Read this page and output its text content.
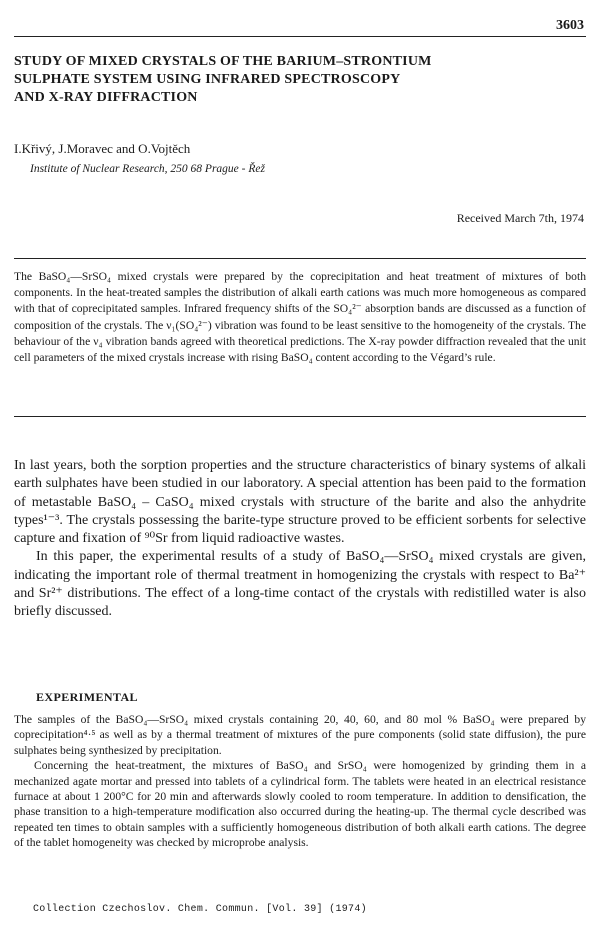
3603
STUDY OF MIXED CRYSTALS OF THE BARIUM–STRONTIUM
SULPHATE SYSTEM USING INFRARED SPECTROSCOPY
AND X-RAY DIFFRACTION
I.Křivý, J.Moravec and O.Vojtěch
Institute of Nuclear Research, 250 68 Prague - Řež
Received March 7th, 1974

The BaSO₄—SrSO₄ mixed crystals were prepared by the coprecipitation and heat treatment of mixtures of both components. In the heat-treated samples the distribution of alkali earth cations was much more homogeneous as compared with that of coprecipitated samples. Infrared frequency shifts of the SO₄²⁻ absorption bands are discussed as a function of composition of the crystals. The ν₁(SO₄²⁻) vibration was found to be least sensitive to the homogeneity of the crystals. The behaviour of the ν₄ vibration bands agreed with theoretical predictions. The X-ray powder diffraction revealed that the unit cell parameters of the mixed crystals increase with rising BaSO₄ content according to the Végard’s rule.

In last years, both the sorption properties and the structure characteristics of binary systems of alkali earth sulphates have been studied in our laboratory. A special attention has been paid to the formation of metastable BaSO₄ – CaSO₄ mixed crystals with structure of the barite and also the anhydrite types¹⁻³. The crystals possessing the barite-type structure proved to be efficient sorbents for selective capture and fixation of ⁹⁰Sr from liquid radioactive wastes.

In this paper, the experimental results of a study of BaSO₄—SrSO₄ mixed crystals are given, indicating the important role of thermal treatment in homogenizing the crystals with respect to Ba²⁺ and Sr²⁺ distributions. The effect of a long-time contact of the crystals with redistilled water is also briefly discussed.

EXPERIMENTAL

The samples of the BaSO₄—SrSO₄ mixed crystals containing 20, 40, 60, and 80 mol % BaSO₄ were prepared by coprecipitation⁴·⁵ as well as by a thermal treatment of mixtures of the pure components (solid state diffusion), the pure sulphates being synthesized by precipitation.

Concerning the heat-treatment, the mixtures of BaSO₄ and SrSO₄ were homogenized by grinding them in a mechanized agate mortar and pressed into tablets of a cylindrical form. The tablets were heated in an electrical resistance furnace at about 1 200°C for 20 min and afterwards slowly cooled to room temperature. In addition to densification, the phase transition to a high-temperature modification also occurred during the heating-up. The thermal cycle described was repeated ten times to obtain samples with a sufficiently homogeneous distribution of both alkali earth cations. The degree of the tablet homogeneity was checked by microprobe analysis.

Collection Czechoslov. Chem. Commun. [Vol. 39] (1974)
